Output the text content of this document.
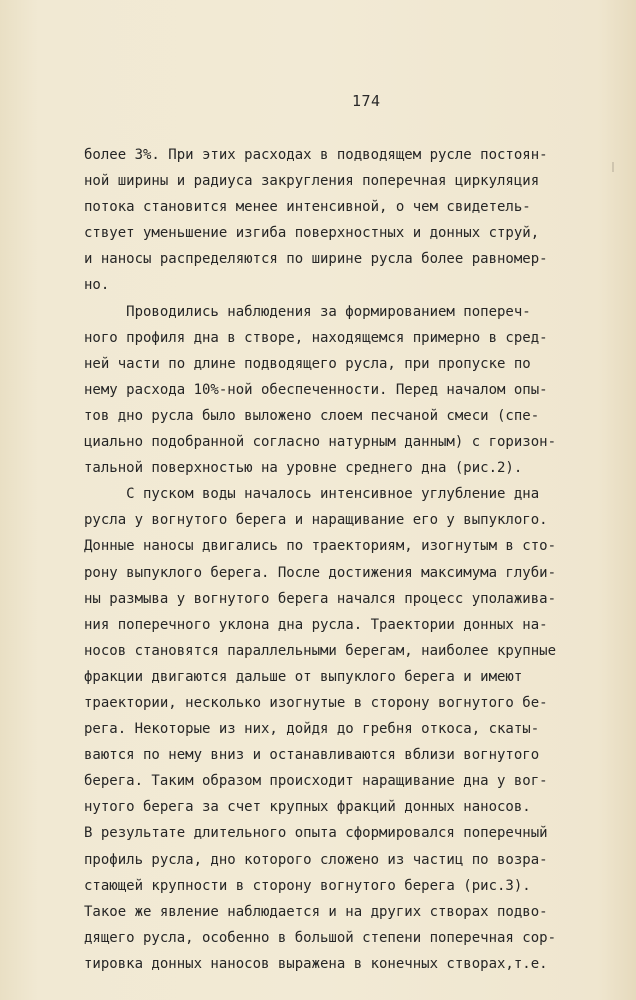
174
более 3%. При этих расходах в подводящем русле постоян-
ной ширины и радиуса закругления поперечная циркуляция
потока становится менее интенсивной, о чем свидетель-
ствует уменьшение изгиба поверхностных и донных струй,
и наносы распределяются по ширине русла более равномер-
но.
Проводились наблюдения за формированием попереч-
ного профиля дна в створе, находящемся примерно в сред-
ней части по длине подводящего русла, при пропуске по
нему расхода 10%-ной обеспеченности. Перед началом опы-
тов дно русла было выложено слоем песчаной смеси (спе-
циально подобранной согласно натурным данным) с горизон-
тальной поверхностью на уровне среднего дна (рис.2).
С пуском воды началось интенсивное углубление дна
русла у вогнутого берега и наращивание его у выпуклого.
Донные наносы двигались по траекториям, изогнутым в сто-
рону выпуклого берега. После достижения максимума глуби-
ны размыва у вогнутого берега начался процесс уполажива-
ния поперечного уклона дна русла. Траектории донных на-
носов становятся параллельными берегам, наиболее крупные
фракции двигаются дальше от выпуклого берега и имеют
траектории, несколько изогнутые в сторону вогнутого бе-
рега. Некоторые из них, дойдя до гребня откоса, скаты-
ваются по нему вниз и останавливаются вблизи вогнутого
берега. Таким образом происходит наращивание дна у вог-
нутого берега за счет крупных фракций донных наносов.
В результате длительного опыта сформировался поперечный
профиль русла, дно которого сложено из частиц по возра-
стающей крупности в сторону вогнутого берега (рис.3).
Такое же явление наблюдается и на других створах подво-
дящего русла, особенно в большой степени поперечная сор-
тировка донных наносов выражена в конечных створах,т.е.
